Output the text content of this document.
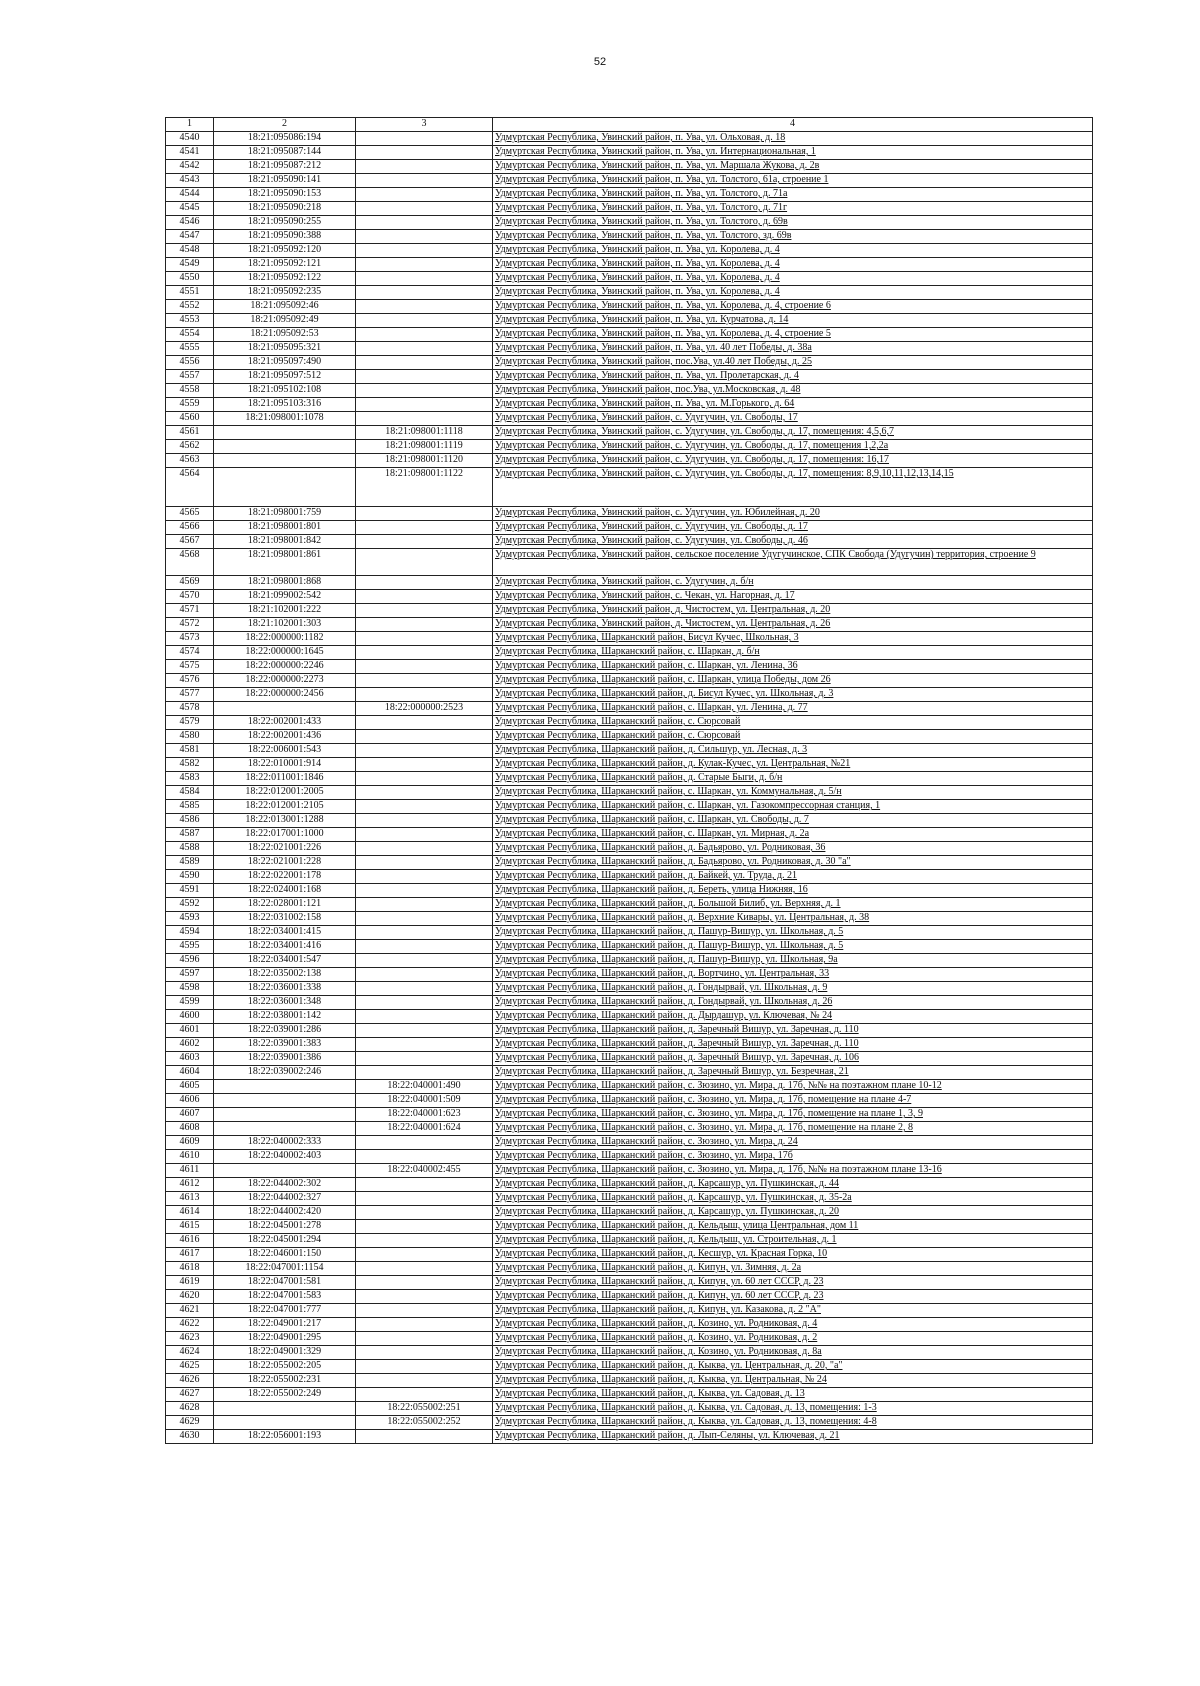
52
1	2	3	4
4540	18:21:095086:194		Удмуртская Республика, Увинский район, п. Ува, ул. Ольховая, д. 18
4541	18:21:095087:144		Удмуртская Республика, Увинский район, п. Ува, ул. Интернациональная, 1
4542	18:21:095087:212		Удмуртская Республика, Увинский район, п. Ува, ул. Маршала Жукова, д. 2в
4543	18:21:095090:141		Удмуртская Республика, Увинский район, п. Ува, ул. Толстого, 61а, строение 1
4544	18:21:095090:153		Удмуртская Республика, Увинский район, п. Ува, ул. Толстого, д. 71а
4545	18:21:095090:218		Удмуртская Республика, Увинский район, п. Ува, ул. Толстого, д. 71г
4546	18:21:095090:255		Удмуртская Республика, Увинский район, п. Ува, ул. Толстого, д. 69в
4547	18:21:095090:388		Удмуртская Республика, Увинский район, п. Ува, ул. Толстого, зд. 69в
4548	18:21:095092:120		Удмуртская Республика, Увинский район, п. Ува, ул. Королева, д. 4
4549	18:21:095092:121		Удмуртская Республика, Увинский район, п. Ува, ул. Королева, д. 4
4550	18:21:095092:122		Удмуртская Республика, Увинский район, п. Ува, ул. Королева, д. 4
4551	18:21:095092:235		Удмуртская Республика, Увинский район, п. Ува, ул. Королева, д. 4
4552	18:21:095092:46		Удмуртская Республика, Увинский район, п. Ува, ул. Королева, д. 4, строение 6
4553	18:21:095092:49		Удмуртская Республика, Увинский район, п. Ува, ул. Курчатова, д. 14
4554	18:21:095092:53		Удмуртская Республика, Увинский район, п. Ува, ул. Королева, д. 4, строение 5
4555	18:21:095095:321		Удмуртская Республика, Увинский район, п. Ува, ул. 40 лет Победы, д. 38а
4556	18:21:095097:490		Удмуртская Республика, Увинский район, пос.Ува, ул.40 лет Победы, д. 25
4557	18:21:095097:512		Удмуртская Республика, Увинский район, п. Ува, ул. Пролетарская, д. 4
4558	18:21:095102:108		Удмуртская Республика, Увинский район, пос.Ува, ул.Московская, д. 48
4559	18:21:095103:316		Удмуртская Республика, Увинский район, п. Ува, ул. М.Горького, д. 64
4560	18:21:098001:1078		Удмуртская Республика, Увинский район, с. Удугучин, ул. Свободы, 17
4561		18:21:098001:1118	Удмуртская Республика, Увинский район, с. Удугучин, ул. Свободы, д. 17, помещения: 4,5,6,7
4562		18:21:098001:1119	Удмуртская Республика, Увинский район, с. Удугучин, ул. Свободы, д. 17, помещения 1,2,2а
4563		18:21:098001:1120	Удмуртская Республика, Увинский район, с. Удугучин, ул. Свободы, д. 17, помещения: 16,17
4564		18:21:098001:1122	Удмуртская Республика, Увинский район, с. Удугучин, ул. Свободы, д. 17, помещения: 8,9,10,11,12,13,14,15
4565	18:21:098001:759		Удмуртская Республика, Увинский район, с. Удугучин, ул. Юбилейная, д. 20
4566	18:21:098001:801		Удмуртская Республика, Увинский район, с. Удугучин, ул. Свободы, д. 17
4567	18:21:098001:842		Удмуртская Республика, Увинский район, с. Удугучин, ул. Свободы, д. 46
4568	18:21:098001:861		Удмуртская Республика, Увинский район, сельское поселение Удугучинское, СПК Свобода (Удугучин) территория, строение 9
4569	18:21:098001:868		Удмуртская Республика, Увинский район, с. Удугучин, д. б/н
4570	18:21:099002:542		Удмуртская Республика, Увинский район, с. Чекан, ул. Нагорная, д. 17
4571	18:21:102001:222		Удмуртская Республика, Увинский район, д. Чистостем, ул. Центральная, д. 20
4572	18:21:102001:303		Удмуртская Республика, Увинский район, д. Чистостем, ул. Центральная, д. 26
4573	18:22:000000:1182		Удмуртская Республика, Шарканский район, Бисул Кучес, Школьная, 3
4574	18:22:000000:1645		Удмуртская Республика, Шарканский район, с. Шаркан, д. б/н
4575	18:22:000000:2246		Удмуртская Республика, Шарканский район, с. Шаркан, ул. Ленина, 36
4576	18:22:000000:2273		Удмуртская Республика, Шарканский район, с. Шаркан, улица Победы, дом 26
4577	18:22:000000:2456		Удмуртская Республика, Шарканский район, д. Бисул Кучес, ул. Школьная, д. 3
4578		18:22:000000:2523	Удмуртская Республика, Шарканский район, с. Шаркан, ул. Ленина, д. 77
4579	18:22:002001:433		Удмуртская Республика, Шарканский район, с. Сюрсовай
4580	18:22:002001:436		Удмуртская Республика, Шарканский район, с. Сюрсовай
4581	18:22:006001:543		Удмуртская Республика, Шарканский район, д. Сильшур, ул. Лесная, д. 3
4582	18:22:010001:914		Удмуртская Республика, Шарканский район, д. Кулак-Кучес, ул. Центральная, №21
4583	18:22:011001:1846		Удмуртская Республика, Шарканский район, д. Старые Быги, д. б/н
4584	18:22:012001:2005		Удмуртская Республика, Шарканский район, с. Шаркан, ул. Коммунальная, д. 5/н
4585	18:22:012001:2105		Удмуртская Республика, Шарканский район, с. Шаркан, ул. Газокомпрессорная станция, 1
4586	18:22:013001:1288		Удмуртская Республика, Шарканский район, с. Шаркан, ул. Свободы, д. 7
4587	18:22:017001:1000		Удмуртская Республика, Шарканский район, с. Шаркан, ул. Мирная, д. 2а
4588	18:22:021001:226		Удмуртская Республика, Шарканский район, д. Бадьярово, ул. Родниковая, 36
4589	18:22:021001:228		Удмуртская Республика, Шарканский район, д. Бадьярово, ул. Родниковая, д. 30 "а"
4590	18:22:022001:178		Удмуртская Республика, Шарканский район, д. Байкей, ул. Труда, д. 21
4591	18:22:024001:168		Удмуртская Республика, Шарканский район, д. Береть, улица Нижняя, 16
4592	18:22:028001:121		Удмуртская Республика, Шарканский район, д. Большой Билиб, ул. Верхняя, д. 1
4593	18:22:031002:158		Удмуртская Республика, Шарканский район, д. Верхние Кивары, ул. Центральная, д. 38
4594	18:22:034001:415		Удмуртская Республика, Шарканский район, д. Пашур-Вишур, ул. Школьная, д. 5
4595	18:22:034001:416		Удмуртская Республика, Шарканский район, д. Пашур-Вишур, ул. Школьная, д. 5
4596	18:22:034001:547		Удмуртская Республика, Шарканский район, д. Пашур-Вишур, ул. Школьная, 9а
4597	18:22:035002:138		Удмуртская Республика, Шарканский район, д. Вортчино, ул. Центральная, 33
4598	18:22:036001:338		Удмуртская Республика, Шарканский район, д. Гондырвай, ул. Школьная, д. 9
4599	18:22:036001:348		Удмуртская Республика, Шарканский район, д. Гондырвай, ул. Школьная, д. 26
4600	18:22:038001:142		Удмуртская Республика, Шарканский район, д. Дырдашур, ул. Ключевая, № 24
4601	18:22:039001:286		Удмуртская Республика, Шарканский район, д. Заречный Вишур, ул. Заречная, д. 110
4602	18:22:039001:383		Удмуртская Республика, Шарканский район, д. Заречный Вишур, ул. Заречная, д. 110
4603	18:22:039001:386		Удмуртская Республика, Шарканский район, д. Заречный Вишур, ул. Заречная, д. 106
4604	18:22:039002:246		Удмуртская Республика, Шарканский район, д. Заречный Вишур, ул. Безречная, 21
4605		18:22:040001:490	Удмуртская Республика, Шарканский район, с. Зюзино, ул. Мира, д. 17б, №№ на поэтажном плане 10-12
4606		18:22:040001:509	Удмуртская Республика, Шарканский район, с. Зюзино, ул. Мира, д. 17б, помещение на плане 4-7
4607		18:22:040001:623	Удмуртская Республика, Шарканский район, с. Зюзино, ул. Мира, д. 17б, помещение на плане 1, 3, 9
4608		18:22:040001:624	Удмуртская Республика, Шарканский район, с. Зюзино, ул. Мира, д. 17б, помещение на плане 2, 8
4609	18:22:040002:333		Удмуртская Республика, Шарканский район, с. Зюзино, ул. Мира, д. 24
4610	18:22:040002:403		Удмуртская Республика, Шарканский район, с. Зюзино, ул. Мира, 17б
4611		18:22:040002:455	Удмуртская Республика, Шарканский район, с. Зюзино, ул. Мира, д. 17б, №№ на поэтажном плане 13-16
4612	18:22:044002:302		Удмуртская Республика, Шарканский район, д. Карсашур, ул. Пушкинская, д. 44
4613	18:22:044002:327		Удмуртская Республика, Шарканский район, д. Карсашур, ул. Пушкинская, д. 35-2а
4614	18:22:044002:420		Удмуртская Республика, Шарканский район, д. Карсашур, ул. Пушкинская, д. 20
4615	18:22:045001:278		Удмуртская Республика, Шарканский район, д. Кельдыш, улица Центральная, дом 11
4616	18:22:045001:294		Удмуртская Республика, Шарканский район, д. Кельдыш, ул. Строительная, д. 1
4617	18:22:046001:150		Удмуртская Республика, Шарканский район, д. Кесшур, ул. Красная Горка, 10
4618	18:22:047001:1154		Удмуртская Республика, Шарканский район, д. Кипун, ул. Зимняя, д. 2а
4619	18:22:047001:581		Удмуртская Республика, Шарканский район, д. Кипун, ул. 60 лет СССР, д. 23
4620	18:22:047001:583		Удмуртская Республика, Шарканский район, д. Кипун, ул. 60 лет СССР, д. 23
4621	18:22:047001:777		Удмуртская Республика, Шарканский район, д. Кипун, ул. Казакова, д. 2 "А"
4622	18:22:049001:217		Удмуртская Республика, Шарканский район, д. Козино, ул. Родниковая, д. 4
4623	18:22:049001:295		Удмуртская Республика, Шарканский район, д. Козино, ул. Родниковая, д. 2
4624	18:22:049001:329		Удмуртская Республика, Шарканский район, д. Козино, ул. Родниковая, д. 8а
4625	18:22:055002:205		Удмуртская Республика, Шарканский район, д. Кыква, ул. Центральная, д. 20, "а"
4626	18:22:055002:231		Удмуртская Республика, Шарканский район, д. Кыква, ул. Центральная, № 24
4627	18:22:055002:249		Удмуртская Республика, Шарканский район, д. Кыква, ул. Садовая, д. 13
4628		18:22:055002:251	Удмуртская Республика, Шарканский район, д. Кыква, ул. Садовая, д. 13, помещения: 1-3
4629		18:22:055002:252	Удмуртская Республика, Шарканский район, д. Кыква, ул. Садовая, д. 13, помещения: 4-8
4630	18:22:056001:193		Удмуртская Республика, Шарканский район, д. Лып-Селяны, ул. Ключевая, д. 21
